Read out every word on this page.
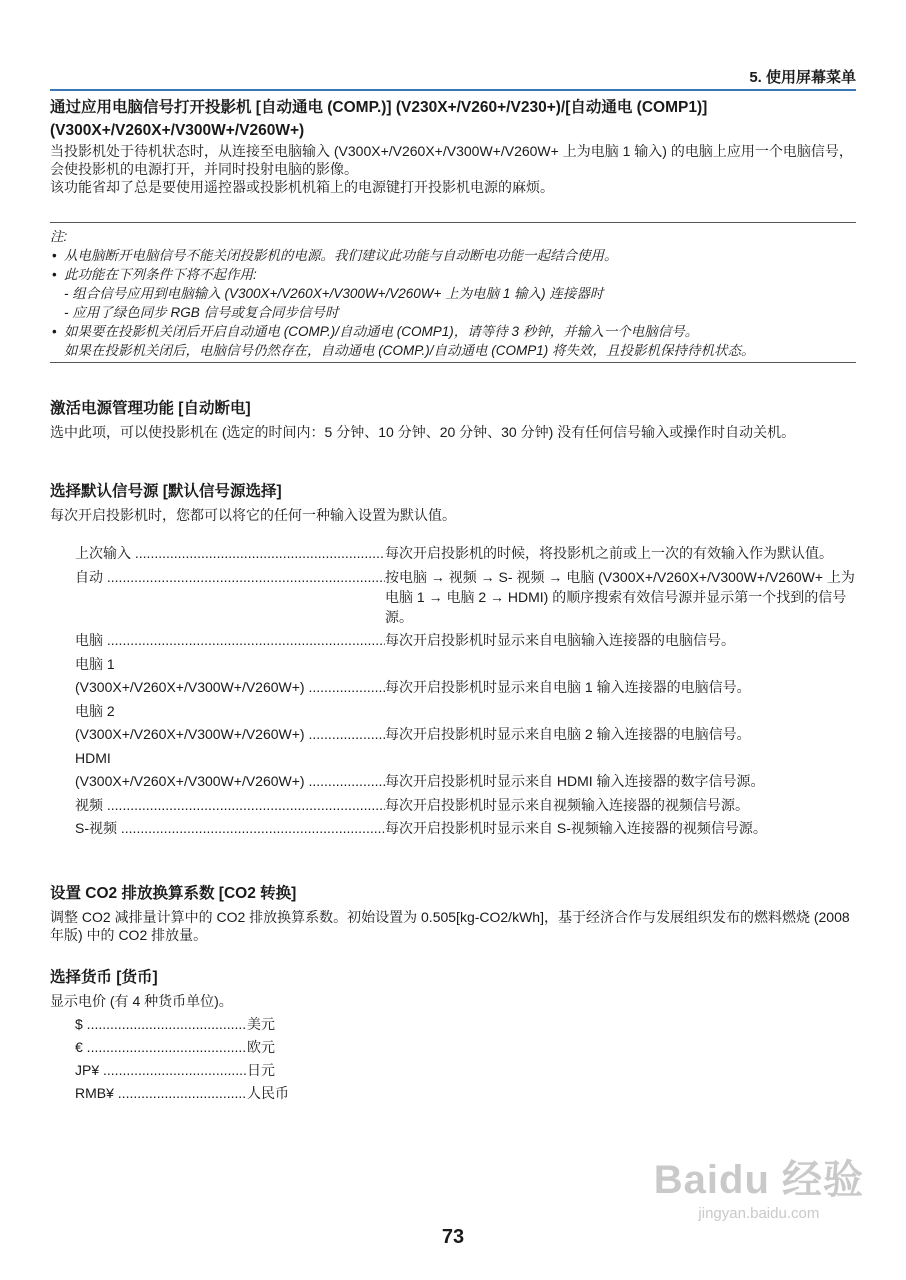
5. 使用屏幕菜单
通过应用电脑信号打开投影机 [自动通电 (COMP.)] (V230X+/V260+/V230+)/[自动通电 (COMP1)]
(V300X+/V260X+/V300W+/V260W+)

当投影机处于待机状态时，从连接至电脑输入 (V300X+/V260X+/V300W+/V260W+ 上为电脑 1 输入) 的电脑上应用一个电脑信号，会使投影机的电源打开，并同时投射电脑的影像。

该功能省却了总是要使用遥控器或投影机机箱上的电源键打开投影机电源的麻烦。

注:
• 从电脑断开电脑信号不能关闭投影机的电源。我们建议此功能与自动断电功能一起结合使用。
• 此功能在下列条件下将不起作用:
- 组合信号应用到电脑输入 (V300X+/V260X+/V300W+/V260W+ 上为电脑 1 输入) 连接器时
- 应用了绿色同步 RGB 信号或复合同步信号时
• 如果要在投影机关闭后开启自动通电 (COMP.)/自动通电 (COMP1)，请等待 3 秒钟，并输入一个电脑信号。
如果在投影机关闭后，电脑信号仍然存在，自动通电 (COMP.)/自动通电 (COMP1) 将失效，且投影机保持待机状态。
激活电源管理功能 [自动断电]

选中此项，可以使投影机在 (选定的时间内：5 分钟、10 分钟、20 分钟、30 分钟) 没有任何信号输入或操作时自动关机。

选择默认信号源 [默认信号源选择]

每次开启投影机时，您都可以将它的任何一种输入设置为默认值。

上次输入 .....	每次开启投影机的时候，将投影机之前或上一次的有效输入作为默认值。
自动 .....	按电脑 → 视频 → S- 视频 → 电脑 (V300X+/V260X+/V300W+/V260W+ 上为电脑 1 → 电脑 2 → HDMI) 的顺序搜索有效信号源并显示第一个找到的信号源。
电脑 .....	每次开启投影机时显示来自电脑输入连接器的电脑信号。
电脑 1
(V300X+/V260X+/V300W+/V260W+) .....	每次开启投影机时显示来自电脑 1 输入连接器的电脑信号。
电脑 2
(V300X+/V260X+/V300W+/V260W+) .....	每次开启投影机时显示来自电脑 2 输入连接器的电脑信号。
HDMI
(V300X+/V260X+/V300W+/V260W+) .....	每次开启投影机时显示来自 HDMI 输入连接器的数字信号源。
视频 .....	每次开启投影机时显示来自视频输入连接器的视频信号源。
S-视频 .....	每次开启投影机时显示来自 S-视频输入连接器的视频信号源。
设置 CO2 排放换算系数 [CO2 转换]

调整 CO2 减排量计算中的 CO2 排放换算系数。初始设置为 0.505[kg-CO2/kWh]，基于经济合作与发展组织发布的燃料燃烧 (2008 年版) 中的 CO2 排放量。

选择货币 [货币]

显示电价 (有 4 种货币单位)。

$ .....	美元
€ .....	欧元
JP¥ .....	日元
RMB¥ .....	人民币
Baidu 经验
jingyan.baidu.com
73
